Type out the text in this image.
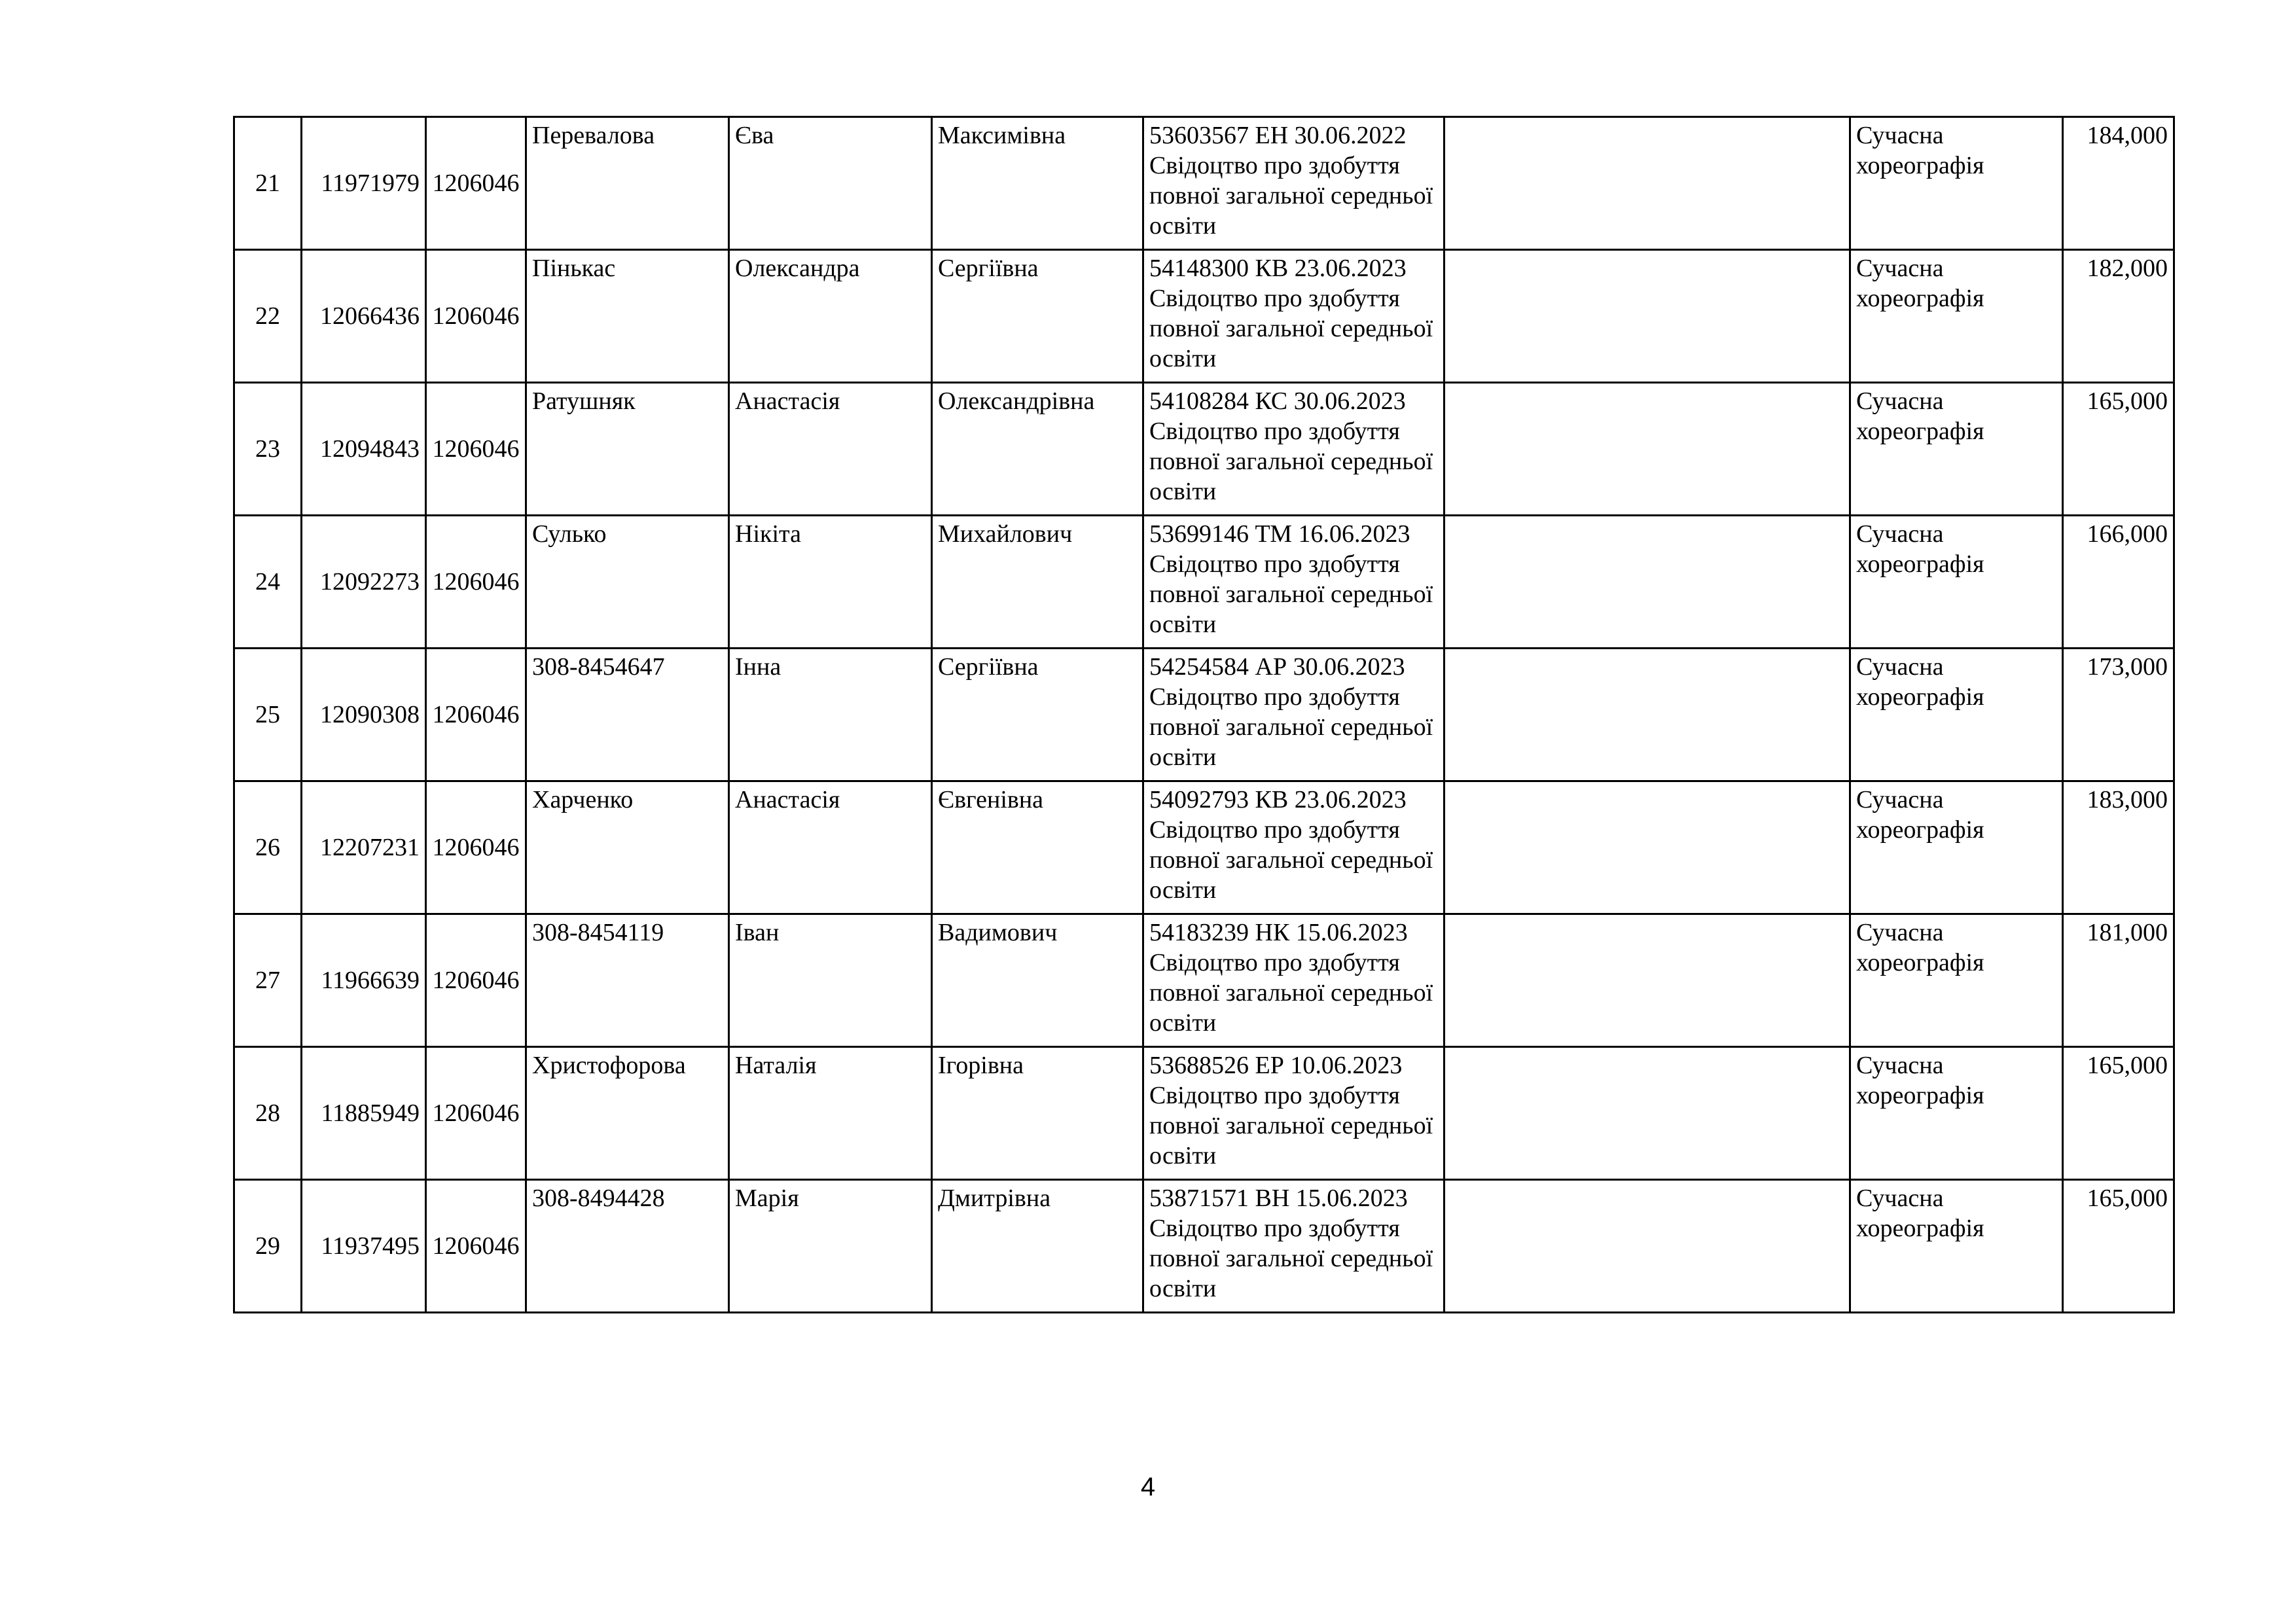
21	11971979	1206046	Перевалова	Єва	Максимівна	53603567 ЕН 30.06.2022 Свідоцтво про здобуття повної загальної середньої освіти		Сучасна хореографія	184,000
22	12066436	1206046	Пінькас	Олександра	Сергіївна	54148300 КВ 23.06.2023 Свідоцтво про здобуття повної загальної середньої освіти		Сучасна хореографія	182,000
23	12094843	1206046	Ратушняк	Анастасія	Олександрівна	54108284 КС 30.06.2023 Свідоцтво про здобуття повної загальної середньої освіти		Сучасна хореографія	165,000
24	12092273	1206046	Сулько	Нікіта	Михайлович	53699146 ТМ 16.06.2023 Свідоцтво про здобуття повної загальної середньої освіти		Сучасна хореографія	166,000
25	12090308	1206046	308-8454647	Інна	Сергіївна	54254584 АР 30.06.2023 Свідоцтво про здобуття повної загальної середньої освіти		Сучасна хореографія	173,000
26	12207231	1206046	Харченко	Анастасія	Євгенівна	54092793 КВ 23.06.2023 Свідоцтво про здобуття повної загальної середньої освіти		Сучасна хореографія	183,000
27	11966639	1206046	308-8454119	Іван	Вадимович	54183239 НК 15.06.2023 Свідоцтво про здобуття повної загальної середньої освіти		Сучасна хореографія	181,000
28	11885949	1206046	Христофорова	Наталія	Ігорівна	53688526 ЕР 10.06.2023 Свідоцтво про здобуття повної загальної середньої освіти		Сучасна хореографія	165,000
29	11937495	1206046	308-8494428	Марія	Дмитрівна	53871571 ВН 15.06.2023 Свідоцтво про здобуття повної загальної середньої освіти		Сучасна хореографія	165,000
4
